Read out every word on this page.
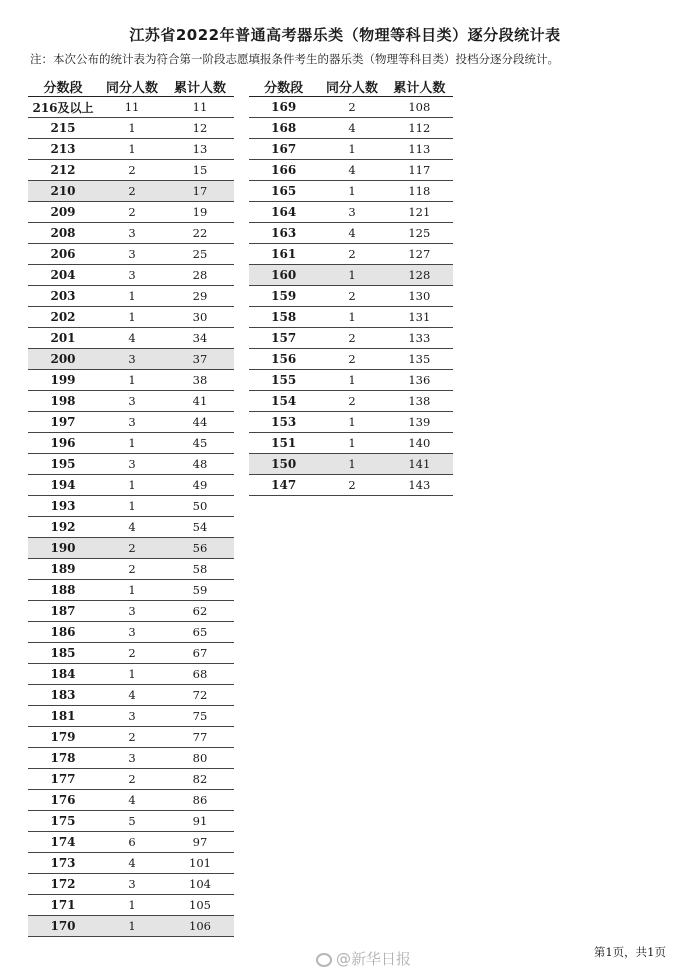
江苏省2022年普通高考器乐类（物理等科目类）逐分段统计表
注：本次公布的统计表为符合第一阶段志愿填报条件考生的器乐类（物理等科目类）投档分逐分段统计。
分数段	同分人数	累计人数
216及以上	11	11
215	1	12
213	1	13
212	2	15
210	2	17
209	2	19
208	3	22
206	3	25
204	3	28
203	1	29
202	1	30
201	4	34
200	3	37
199	1	38
198	3	41
197	3	44
196	1	45
195	3	48
194	1	49
193	1	50
192	4	54
190	2	56
189	2	58
188	1	59
187	3	62
186	3	65
185	2	67
184	1	68
183	4	72
181	3	75
179	2	77
178	3	80
177	2	82
176	4	86
175	5	91
174	6	97
173	4	101
172	3	104
171	1	105
170	1	106
分数段	同分人数	累计人数
169	2	108
168	4	112
167	1	113
166	4	117
165	1	118
164	3	121
163	4	125
161	2	127
160	1	128
159	2	130
158	1	131
157	2	133
156	2	135
155	1	136
154	2	138
153	1	139
151	1	140
150	1	141
147	2	143
@新华日报	第1页，共1页
